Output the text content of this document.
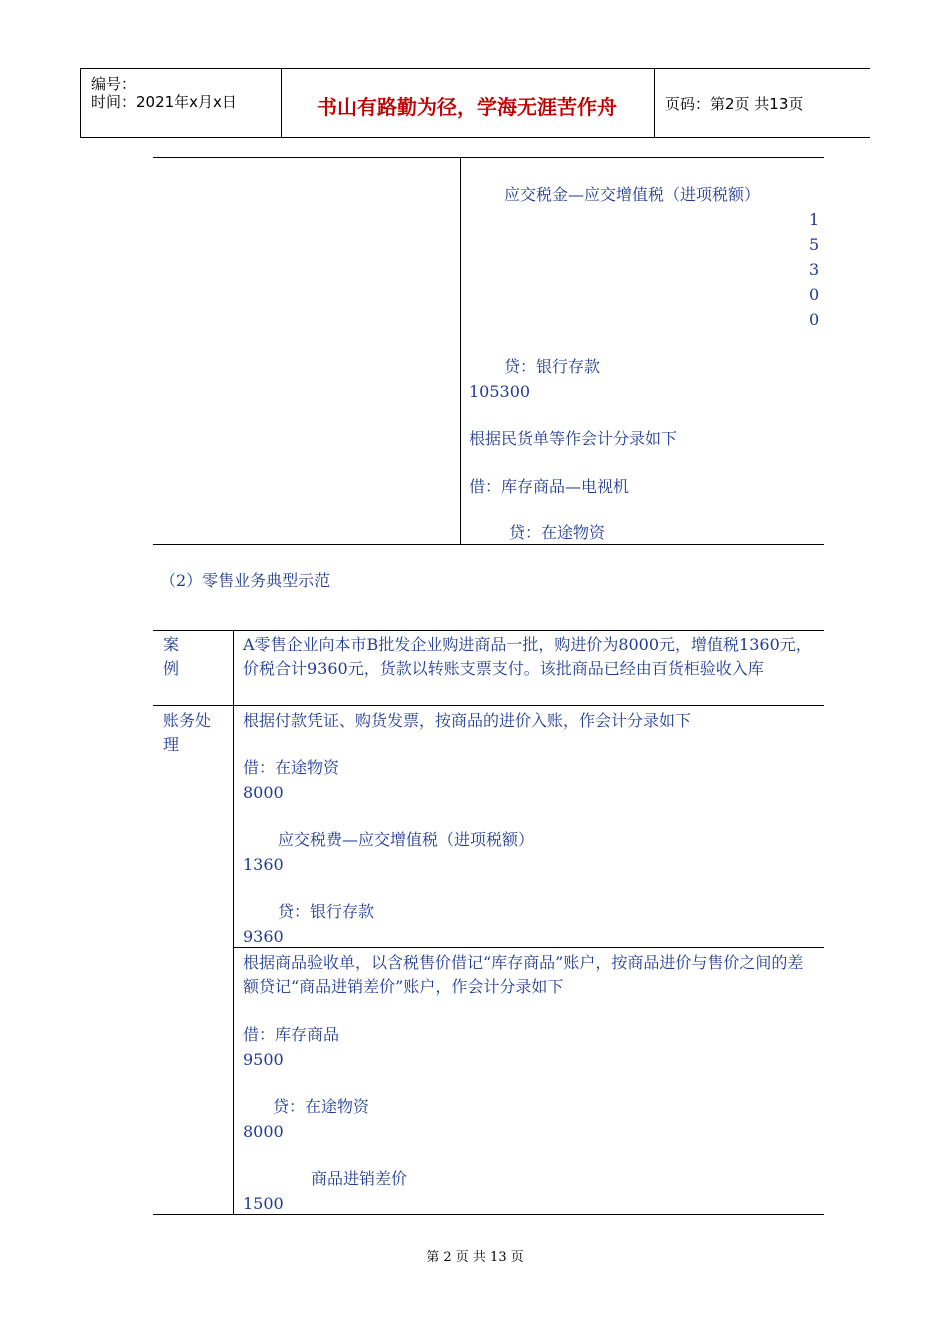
编号：
时间：2021年x月x日	书山有路勤为径，学海无涯苦作舟	页码：第2页 共13页
应交税金—应交增值税（进项税额）
1
5
3
0
0
贷：银行存款
105300
根据民货单等作会计分录如下
借：库存商品—电视机
贷：在途物资
（2）零售业务典型示范
案
例
A零售企业向本市B批发企业购进商品一批，购进价为8000元，增值税1360元，价税合计9360元，货款以转账支票支付。该批商品已经由百货柜验收入库
账务处
理
根据付款凭证、购货发票，按商品的进价入账，作会计分录如下
借：在途物资
8000
应交税费—应交增值税（进项税额）
1360
贷：银行存款
9360
根据商品验收单，以含税售价借记“库存商品”账户，按商品进价与售价之间的差额贷记“商品进销差价”账户，作会计分录如下
借：库存商品
9500
贷：在途物资
8000
商品进销差价
1500
第 2 页 共 13 页
